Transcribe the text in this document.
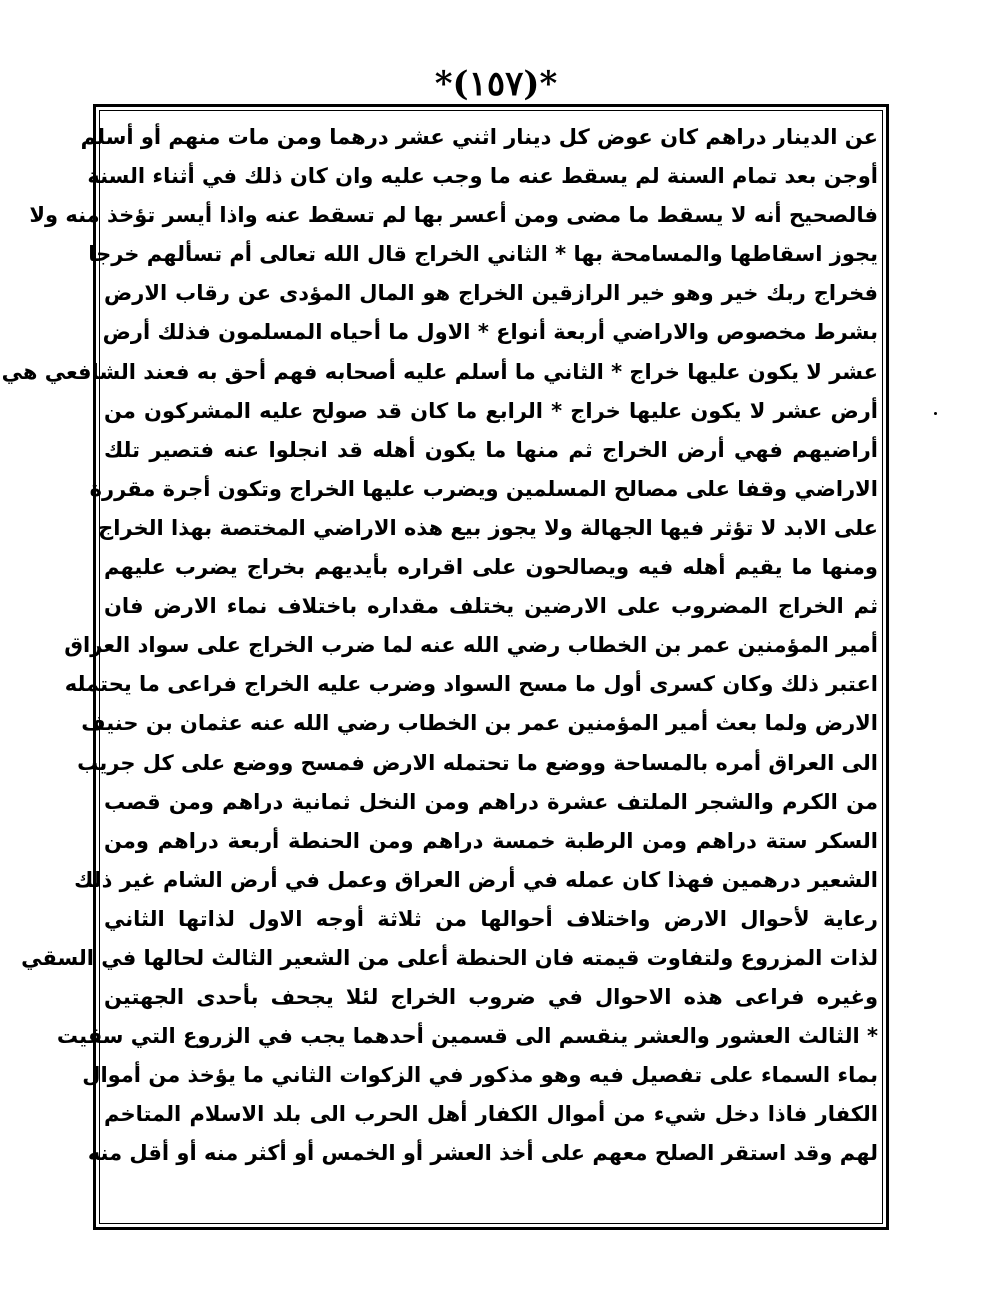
*(١٥٧)*
عن الدينار دراهم كان عوض كل دينار اثني عشر درهما ومن مات منهم أو أسلم
أوجن بعد تمام السنة لم يسقط عنه ما وجب عليه وان كان ذلك في أثناء السنة
فالصحيح أنه لا يسقط ما مضى ومن أعسر بها لم تسقط عنه واذا أيسر تؤخذ منه ولا
يجوز اسقاطها والمسامحة بها * الثاني الخراج قال الله تعالى أم تسألهم خرجا
فخراج ربك خير وهو خير الرازقين الخراج هو المال المؤدى عن رقاب الارض
بشرط مخصوص والاراضي أربعة أنواع * الاول ما أحياه المسلمون فذلك أرض
عشر لا يكون عليها خراج * الثاني ما أسلم عليه أصحابه فهم أحق به فعند الشافعي هي
أرض عشر لا يكون عليها خراج * الرابع ما كان قد صولح عليه المشركون من
أراضيهم فهي أرض الخراج ثم منها ما يكون أهله قد انجلوا عنه فتصير تلك
الاراضي وقفا على مصالح المسلمين ويضرب عليها الخراج وتكون أجرة مقررة
على الابد لا تؤثر فيها الجهالة ولا يجوز بيع هذه الاراضي المختصة بهذا الخراج
ومنها ما يقيم أهله فيه ويصالحون على اقراره بأيديهم بخراج يضرب عليهم
ثم الخراج المضروب على الارضين يختلف مقداره باختلاف نماء الارض فان
أمير المؤمنين عمر بن الخطاب رضي الله عنه لما ضرب الخراج على سواد العراق
اعتبر ذلك وكان كسرى أول ما مسح السواد وضرب عليه الخراج فراعى ما يحتمله
الارض ولما بعث أمير المؤمنين عمر بن الخطاب رضي الله عنه عثمان بن حنيف
الى العراق أمره بالمساحة ووضع ما تحتمله الارض فمسح ووضع على كل جريب
من الكرم والشجر الملتف عشرة دراهم ومن النخل ثمانية دراهم ومن قصب
السكر ستة دراهم ومن الرطبة خمسة دراهم ومن الحنطة أربعة دراهم ومن
الشعير درهمين فهذا كان عمله في أرض العراق وعمل في أرض الشام غير ذلك
رعاية لأحوال الارض واختلاف أحوالها من ثلاثة أوجه الاول لذاتها الثاني
لذات المزروع ولتفاوت قيمته فان الحنطة أعلى من الشعير الثالث لحالها في السقي
وغيره فراعى هذه الاحوال في ضروب الخراج لئلا يجحف بأحدى الجهتين
* الثالث العشور والعشر ينقسم الى قسمين أحدهما يجب في الزروع التي سقيت
بماء السماء على تفصيل فيه وهو مذكور في الزكوات الثاني ما يؤخذ من أموال
الكفار فاذا دخل شيء من أموال الكفار أهل الحرب الى بلد الاسلام المتاخم
لهم وقد استقر الصلح معهم على أخذ العشر أو الخمس أو أكثر منه أو أقل منه
